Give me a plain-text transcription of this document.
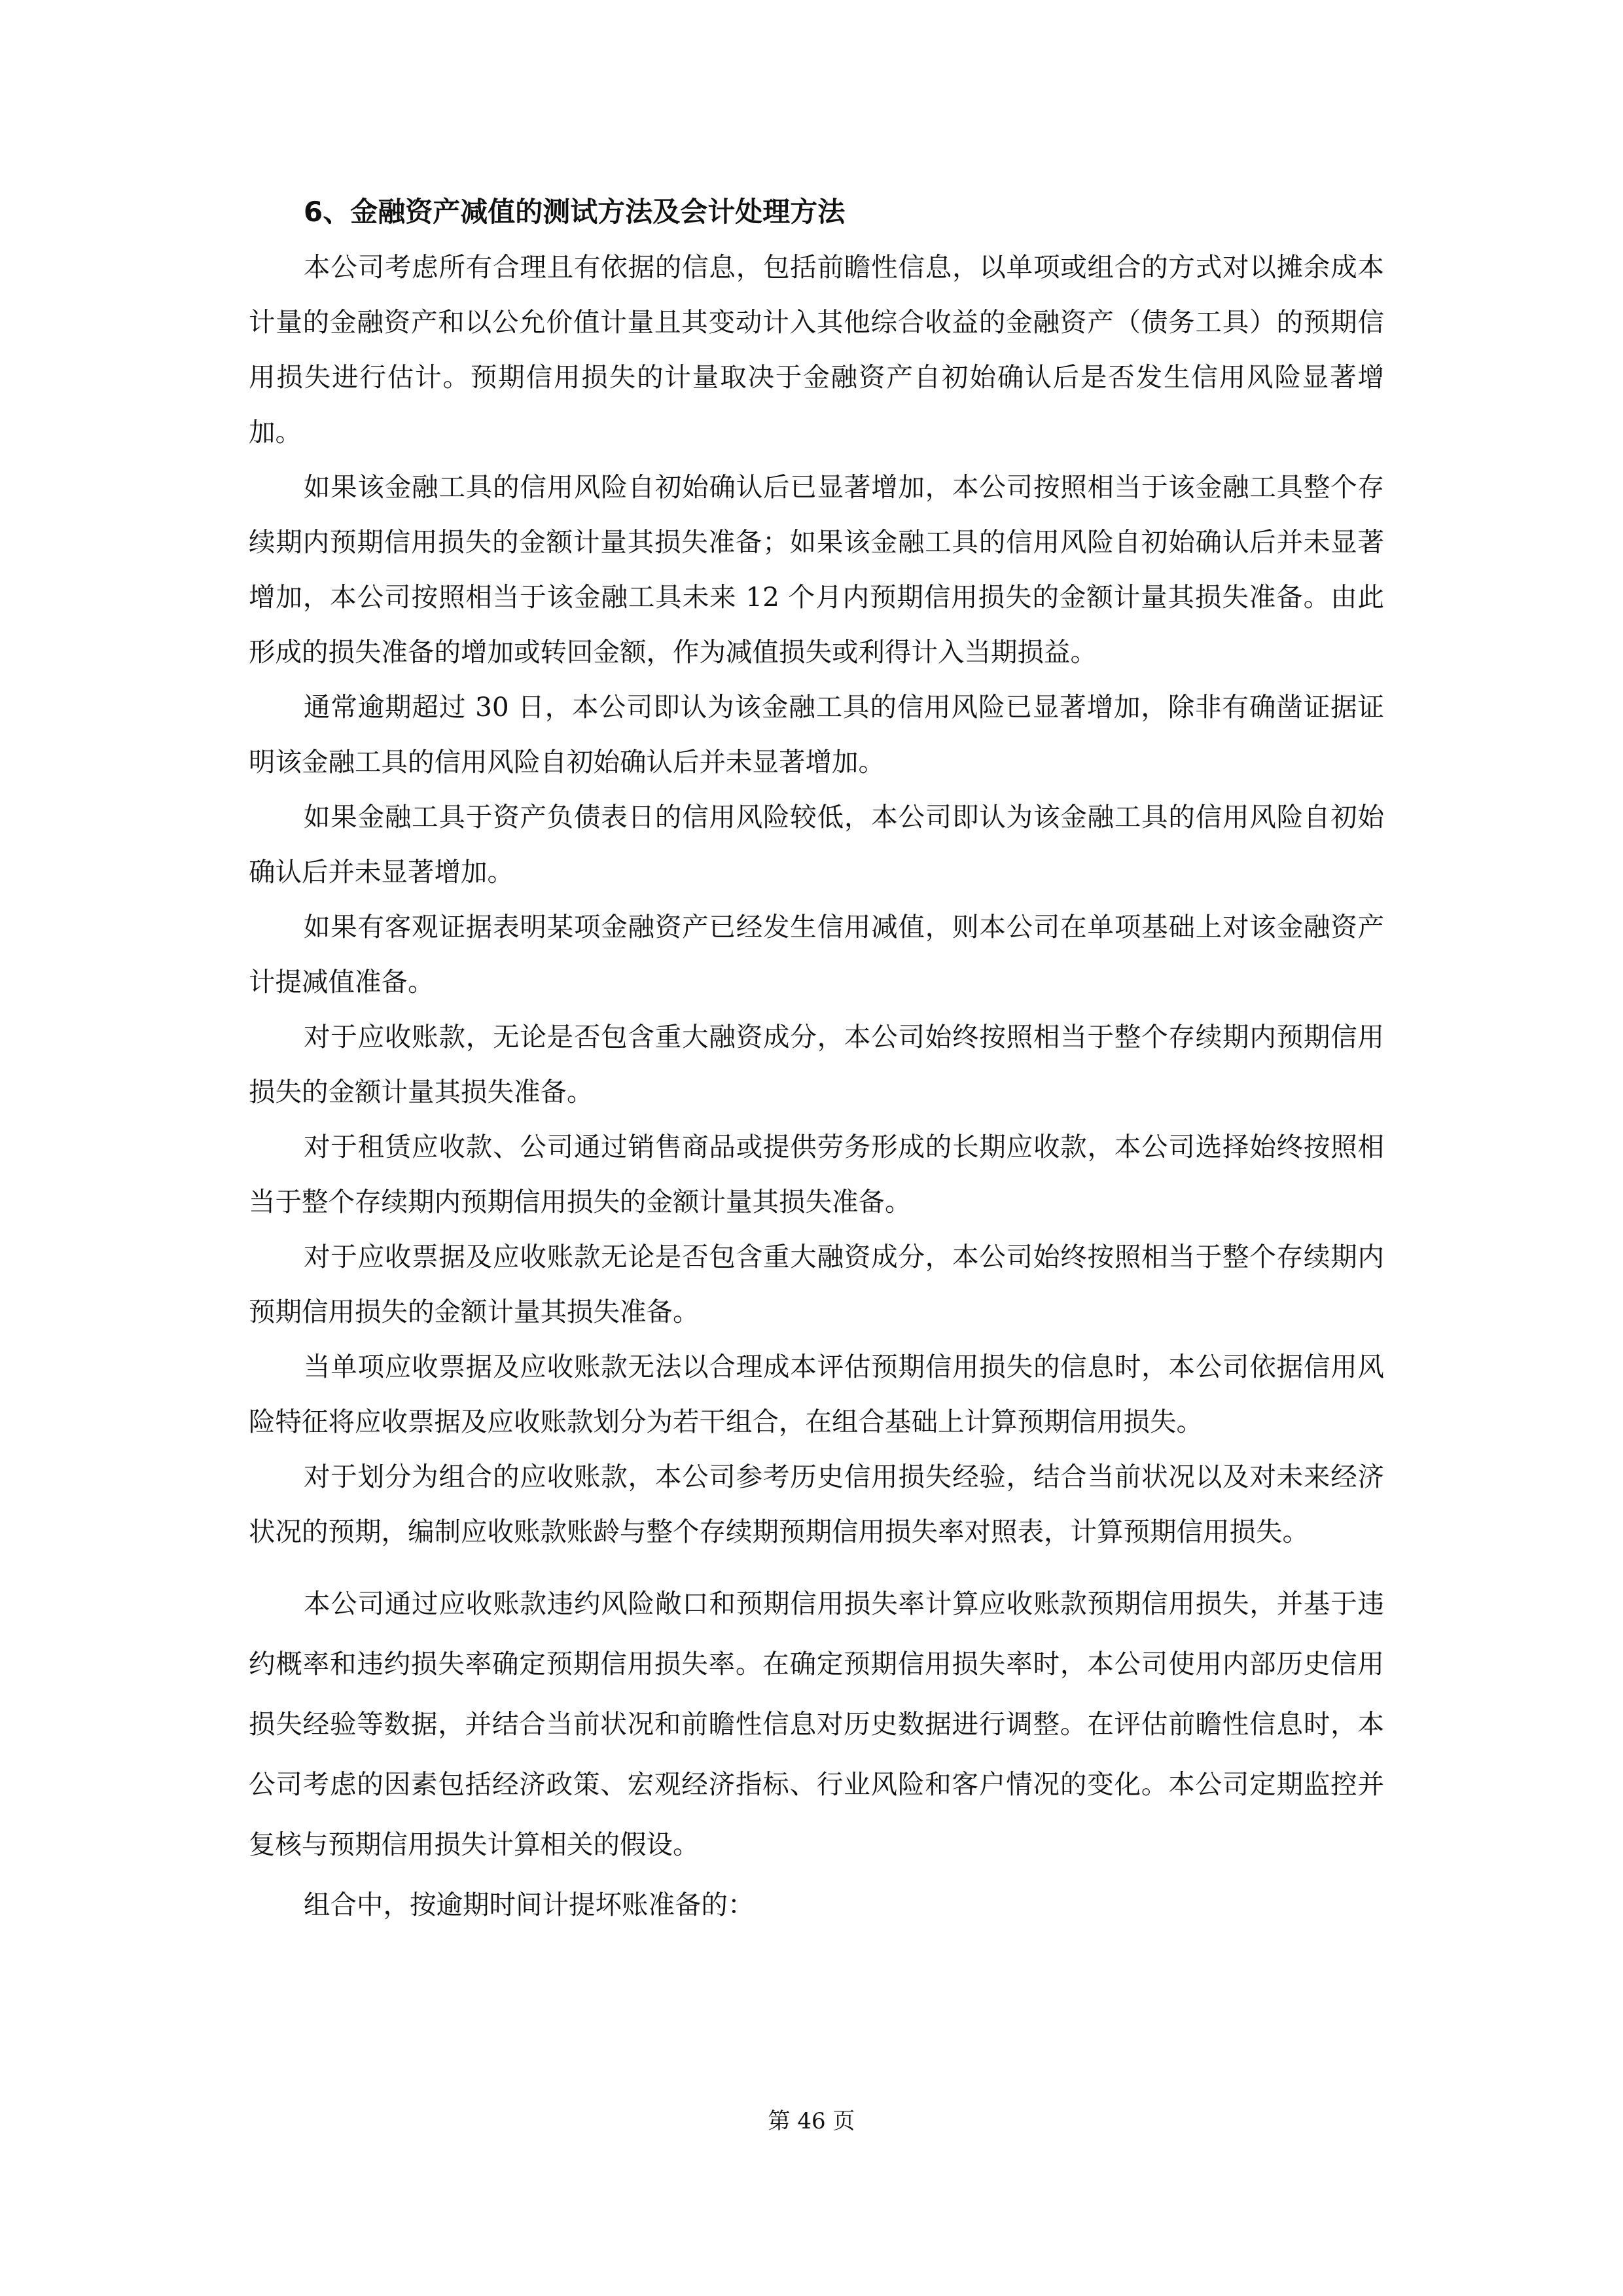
6、金融资产减值的测试方法及会计处理方法

本公司考虑所有合理且有依据的信息，包括前瞻性信息，以单项或组合的方式对以摊余成本计量的金融资产和以公允价值计量且其变动计入其他综合收益的金融资产（债务工具）的预期信用损失进行估计。预期信用损失的计量取决于金融资产自初始确认后是否发生信用风险显著增加。

如果该金融工具的信用风险自初始确认后已显著增加，本公司按照相当于该金融工具整个存续期内预期信用损失的金额计量其损失准备；如果该金融工具的信用风险自初始确认后并未显著增加，本公司按照相当于该金融工具未来 12 个月内预期信用损失的金额计量其损失准备。由此形成的损失准备的增加或转回金额，作为减值损失或利得计入当期损益。

通常逾期超过 30 日，本公司即认为该金融工具的信用风险已显著增加，除非有确凿证据证明该金融工具的信用风险自初始确认后并未显著增加。

如果金融工具于资产负债表日的信用风险较低，本公司即认为该金融工具的信用风险自初始确认后并未显著增加。

如果有客观证据表明某项金融资产已经发生信用减值，则本公司在单项基础上对该金融资产计提减值准备。

对于应收账款，无论是否包含重大融资成分，本公司始终按照相当于整个存续期内预期信用损失的金额计量其损失准备。

对于租赁应收款、公司通过销售商品或提供劳务形成的长期应收款，本公司选择始终按照相当于整个存续期内预期信用损失的金额计量其损失准备。

对于应收票据及应收账款无论是否包含重大融资成分，本公司始终按照相当于整个存续期内预期信用损失的金额计量其损失准备。

当单项应收票据及应收账款无法以合理成本评估预期信用损失的信息时，本公司依据信用风险特征将应收票据及应收账款划分为若干组合，在组合基础上计算预期信用损失。

对于划分为组合的应收账款，本公司参考历史信用损失经验，结合当前状况以及对未来经济状况的预期，编制应收账款账龄与整个存续期预期信用损失率对照表，计算预期信用损失。

本公司通过应收账款违约风险敞口和预期信用损失率计算应收账款预期信用损失，并基于违约概率和违约损失率确定预期信用损失率。在确定预期信用损失率时，本公司使用内部历史信用损失经验等数据，并结合当前状况和前瞻性信息对历史数据进行调整。在评估前瞻性信息时，本公司考虑的因素包括经济政策、宏观经济指标、行业风险和客户情况的变化。本公司定期监控并复核与预期信用损失计算相关的假设。

组合中，按逾期时间计提坏账准备的：

第 46 页
